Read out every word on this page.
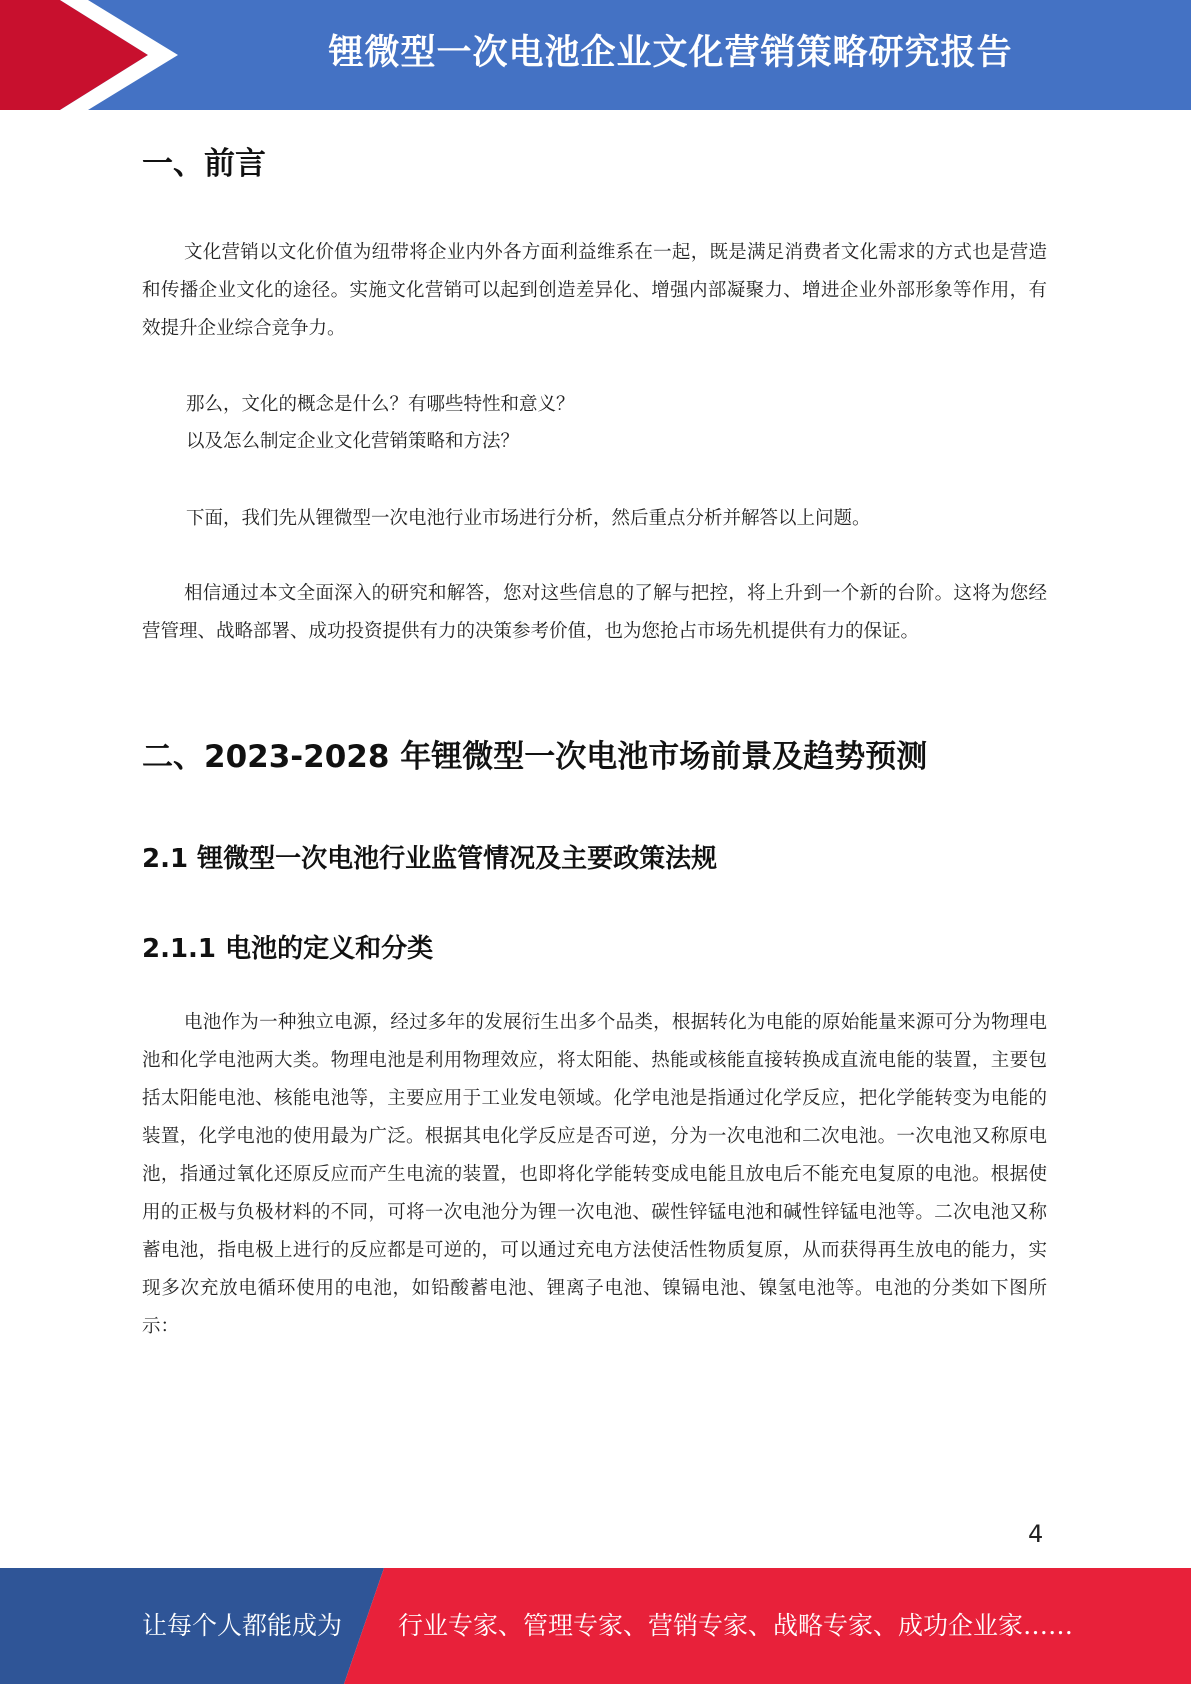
锂微型一次电池企业文化营销策略研究报告
一、前言
文化营销以文化价值为纽带将企业内外各方面利益维系在一起，既是满足消费者文化需求的方式也是营造和传播企业文化的途径。实施文化营销可以起到创造差异化、增强内部凝聚力、增进企业外部形象等作用，有效提升企业综合竞争力。
那么，文化的概念是什么？有哪些特性和意义？
以及怎么制定企业文化营销策略和方法？
下面，我们先从锂微型一次电池行业市场进行分析，然后重点分析并解答以上问题。
相信通过本文全面深入的研究和解答，您对这些信息的了解与把控，将上升到一个新的台阶。这将为您经营管理、战略部署、成功投资提供有力的决策参考价值，也为您抢占市场先机提供有力的保证。
二、2023-2028 年锂微型一次电池市场前景及趋势预测
2.1 锂微型一次电池行业监管情况及主要政策法规
2.1.1 电池的定义和分类
电池作为一种独立电源，经过多年的发展衍生出多个品类，根据转化为电能的原始能量来源可分为物理电池和化学电池两大类。物理电池是利用物理效应，将太阳能、热能或核能直接转换成直流电能的装置，主要包括太阳能电池、核能电池等，主要应用于工业发电领域。化学电池是指通过化学反应，把化学能转变为电能的装置，化学电池的使用最为广泛。根据其电化学反应是否可逆，分为一次电池和二次电池。一次电池又称原电池，指通过氧化还原反应而产生电流的装置，也即将化学能转变成电能且放电后不能充电复原的电池。根据使用的正极与负极材料的不同，可将一次电池分为锂一次电池、碳性锌锰电池和碱性锌锰电池等。二次电池又称蓄电池，指电极上进行的反应都是可逆的，可以通过充电方法使活性物质复原，从而获得再生放电的能力，实现多次充放电循环使用的电池，如铅酸蓄电池、锂离子电池、镍镉电池、镍氢电池等。电池的分类如下图所示：
4
让每个人都能成为 行业专家、管理专家、营销专家、战略专家、成功企业家……
